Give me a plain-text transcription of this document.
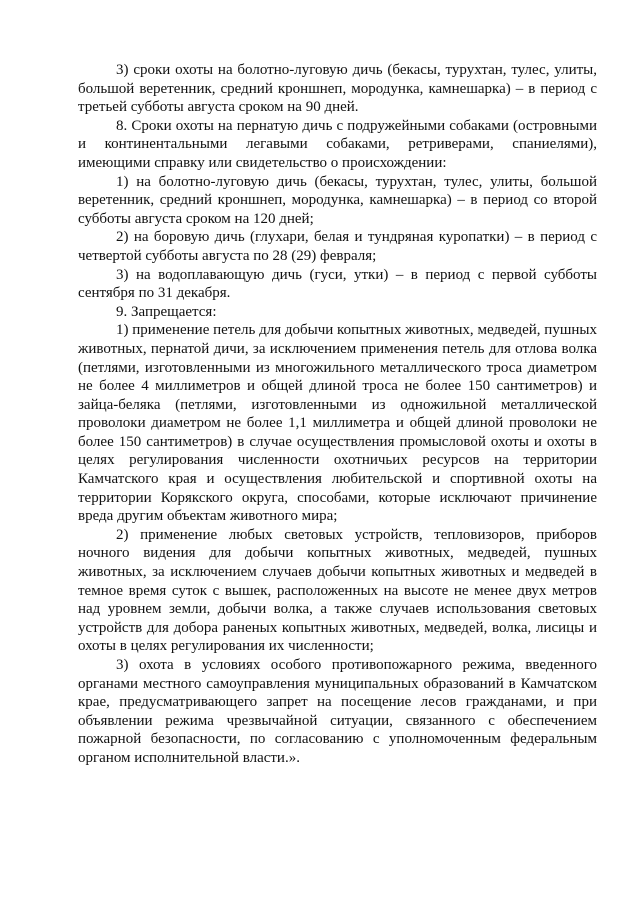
3) сроки охоты на болотно-луговую дичь (бекасы, турухтан, тулес, улиты, большой веретенник, средний кроншнеп, мородунка, камнешарка) – в период с третьей субботы августа сроком на 90 дней.

8. Сроки охоты на пернатую дичь с подружейными собаками (островными и континентальными легавыми собаками, ретриверами, спаниелями), имеющими справку или свидетельство о происхождении:

1) на болотно-луговую дичь (бекасы, турухтан, тулес, улиты, большой веретенник, средний кроншнеп, мородунка, камнешарка) – в период со второй субботы августа сроком на 120 дней;

2) на боровую дичь (глухари, белая и тундряная куропатки) – в период с четвертой субботы августа по 28 (29) февраля;

3) на водоплавающую дичь (гуси, утки) – в период с первой субботы сентября по 31 декабря.

9. Запрещается:

1) применение петель для добычи копытных животных, медведей, пушных животных, пернатой дичи, за исключением применения петель для отлова волка (петлями, изготовленными из многожильного металлического троса диаметром не более 4 миллиметров и общей длиной троса не более 150 сантиметров) и зайца-беляка (петлями, изготовленными из одножильной металлической проволоки диаметром не более 1,1 миллиметра и общей длиной проволоки не более 150 сантиметров) в случае осуществления промысловой охоты и охоты в целях регулирования численности охотничьих ресурсов на территории Камчатского края и осуществления любительской и спортивной охоты на территории Корякского округа, способами, которые исключают причинение вреда другим объектам животного мира;

2) применение любых световых устройств, тепловизоров, приборов ночного видения для добычи копытных животных, медведей, пушных животных, за исключением случаев добычи копытных животных и медведей в темное время суток с вышек, расположенных на высоте не менее двух метров над уровнем земли, добычи волка, а также случаев использования световых устройств для добора раненых копытных животных, медведей, волка, лисицы и охоты в целях регулирования их численности;

3) охота в условиях особого противопожарного режима, введенного органами местного самоуправления муниципальных образований в Камчатском крае, предусматривающего запрет на посещение лесов гражданами, и при объявлении режима чрезвычайной ситуации, связанного с обеспечением пожарной безопасности, по согласованию с уполномоченным федеральным органом исполнительной власти.».
